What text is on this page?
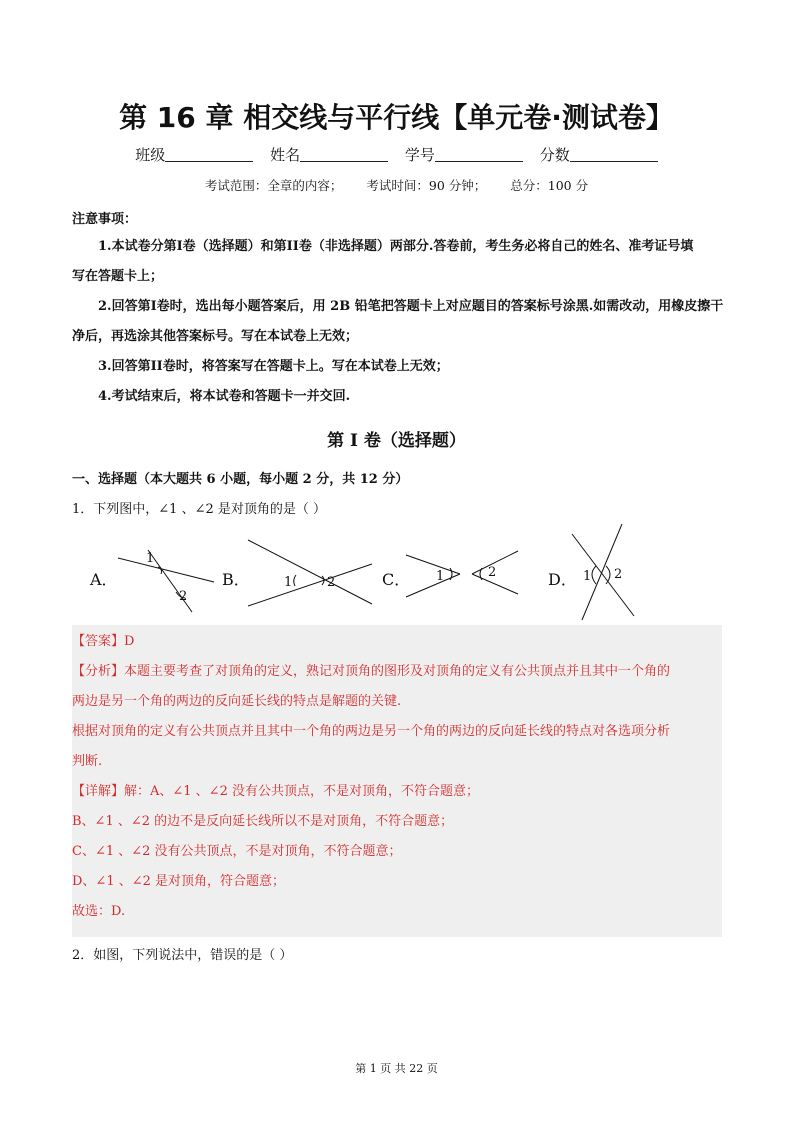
第 16 章 相交线与平行线【单元卷·测试卷】
班级	姓名	学号	分数
考试范围：全章的内容； 考试时间：90 分钟； 总分：100 分
注意事项：
1.本试卷分第I卷（选择题）和第II卷（非选择题）两部分.答卷前，考生务必将自己的姓名、准考证号填
写在答题卡上；
2.回答第I卷时，选出每小题答案后，用 2B 铅笔把答题卡上对应题目的答案标号涂黑.如需改动，用橡皮擦干
净后，再选涂其他答案标号。写在本试卷上无效；
3.回答第II卷时，将答案写在答题卡上。写在本试卷上无效；
4.考试结束后，将本试卷和答题卡一并交回.
第 I 卷（选择题）
一、选择题（本大题共 6 小题，每小题 2 分，共 12 分）
1．下列图中，∠1 、∠2 是对顶角的是（ ）
A．	B．	C．	D．
1
2
1	2	1	2	1 2
【答案】D
【分析】本题主要考查了对顶角的定义，熟记对顶角的图形及对顶角的定义有公共顶点并且其中一个角的
两边是另一个角的两边的反向延长线的特点是解题的关键.
根据对顶角的定义有公共顶点并且其中一个角的两边是另一个角的两边的反向延长线的特点对各选项分析
判断.
【详解】解：A、∠1 、∠2 没有公共顶点，不是对顶角，不符合题意；
B、∠1 、∠2 的边不是反向延长线所以不是对顶角，不符合题意；
C、∠1 、∠2 没有公共顶点，不是对顶角，不符合题意；
D、∠1 、∠2 是对顶角，符合题意；
故选：D.
2．如图，下列说法中，错误的是（ ）
第 1 页 共 22 页
